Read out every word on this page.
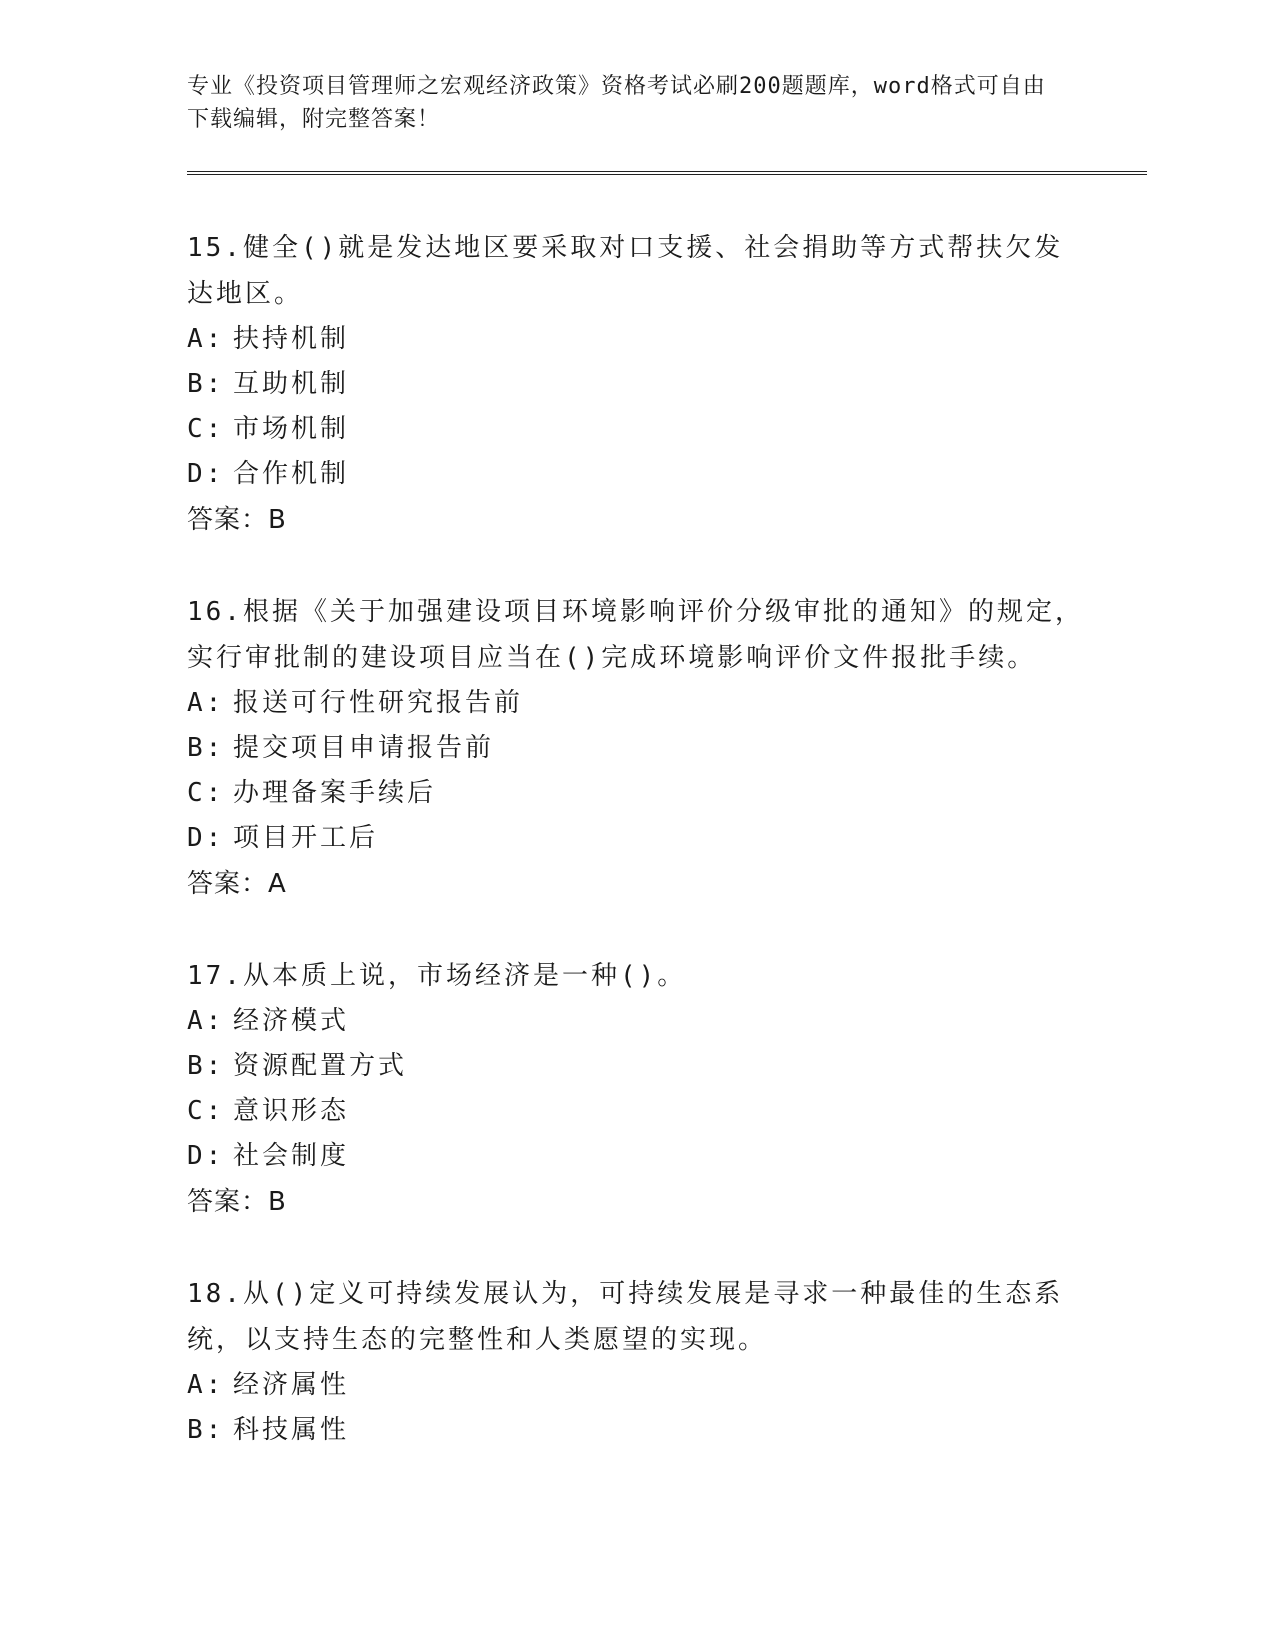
专业《投资项目管理师之宏观经济政策》资格考试必刷200题题库，word格式可自由下载编辑，附完整答案！
15.健全()就是发达地区要采取对口支援、社会捐助等方式帮扶欠发达地区。
A: 扶持机制
B: 互助机制
C: 市场机制
D: 合作机制
答案：B
16.根据《关于加强建设项目环境影响评价分级审批的通知》的规定，实行审批制的建设项目应当在()完成环境影响评价文件报批手续。
A: 报送可行性研究报告前
B: 提交项目申请报告前
C: 办理备案手续后
D: 项目开工后
答案：A
17.从本质上说，市场经济是一种()。
A: 经济模式
B: 资源配置方式
C: 意识形态
D: 社会制度
答案：B
18.从()定义可持续发展认为，可持续发展是寻求一种最佳的生态系统，以支持生态的完整性和人类愿望的实现。
A: 经济属性
B: 科技属性
